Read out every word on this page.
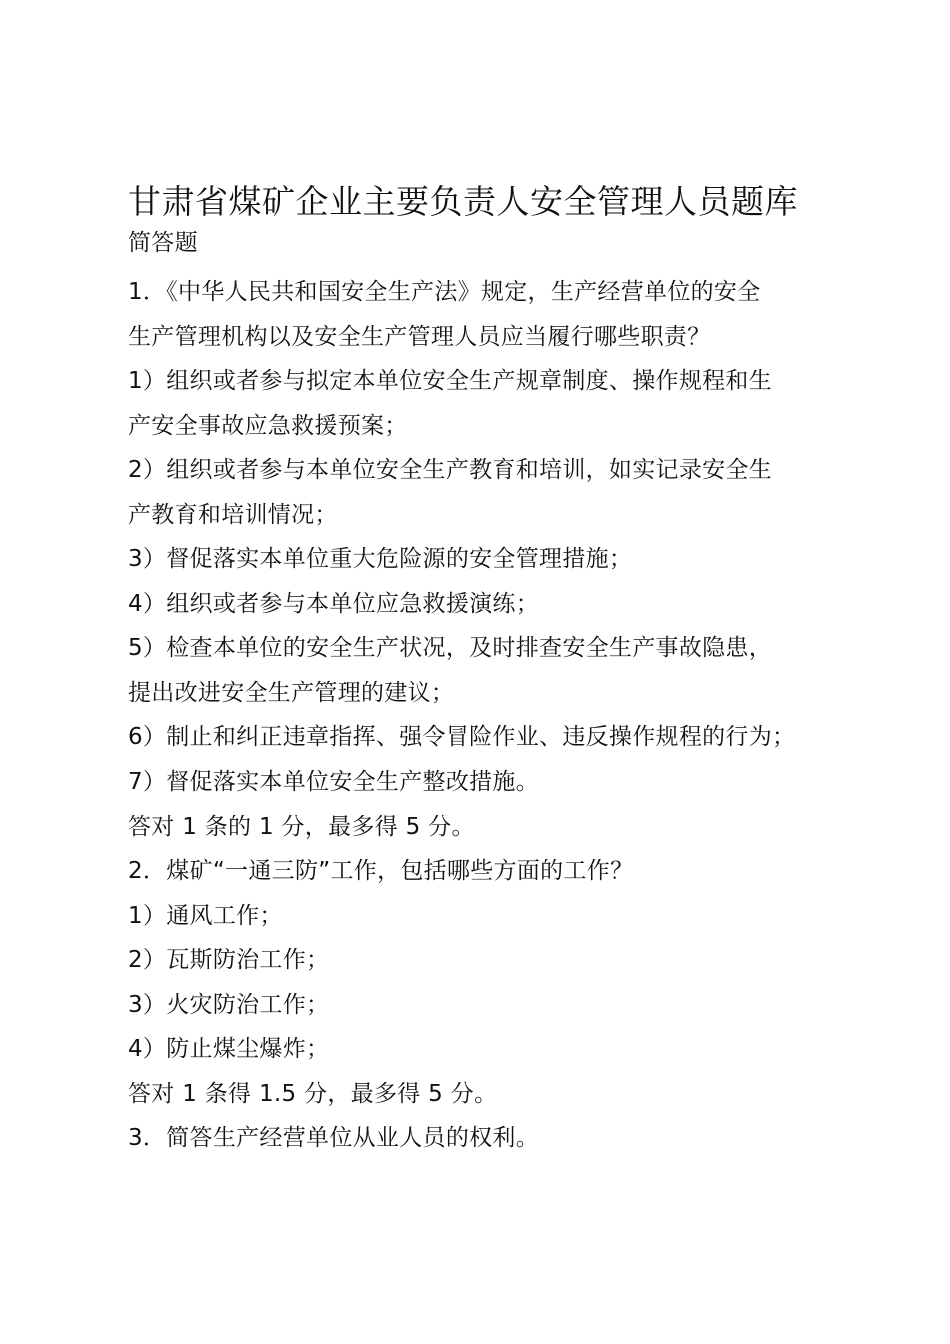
甘肃省煤矿企业主要负责人安全管理人员题库
简答题
1．《中华人民共和国安全生产法》规定，生产经营单位的安全
生产管理机构以及安全生产管理人员应当履行哪些职责？
1）组织或者参与拟定本单位安全生产规章制度、操作规程和生
产安全事故应急救援预案；
2）组织或者参与本单位安全生产教育和培训，如实记录安全生
产教育和培训情况；
3）督促落实本单位重大危险源的安全管理措施；
4）组织或者参与本单位应急救援演练；
5）检查本单位的安全生产状况，及时排查安全生产事故隐患，
提出改进安全生产管理的建议；
6）制止和纠正违章指挥、强令冒险作业、违反操作规程的行为；
7）督促落实本单位安全生产整改措施。
答对 1 条的 1 分，最多得 5 分。
2．煤矿“一通三防”工作，包括哪些方面的工作？
1）通风工作；
2）瓦斯防治工作；
3）火灾防治工作；
4）防止煤尘爆炸；
答对 1 条得 1.5 分，最多得 5 分。
3．简答生产经营单位从业人员的权利。
